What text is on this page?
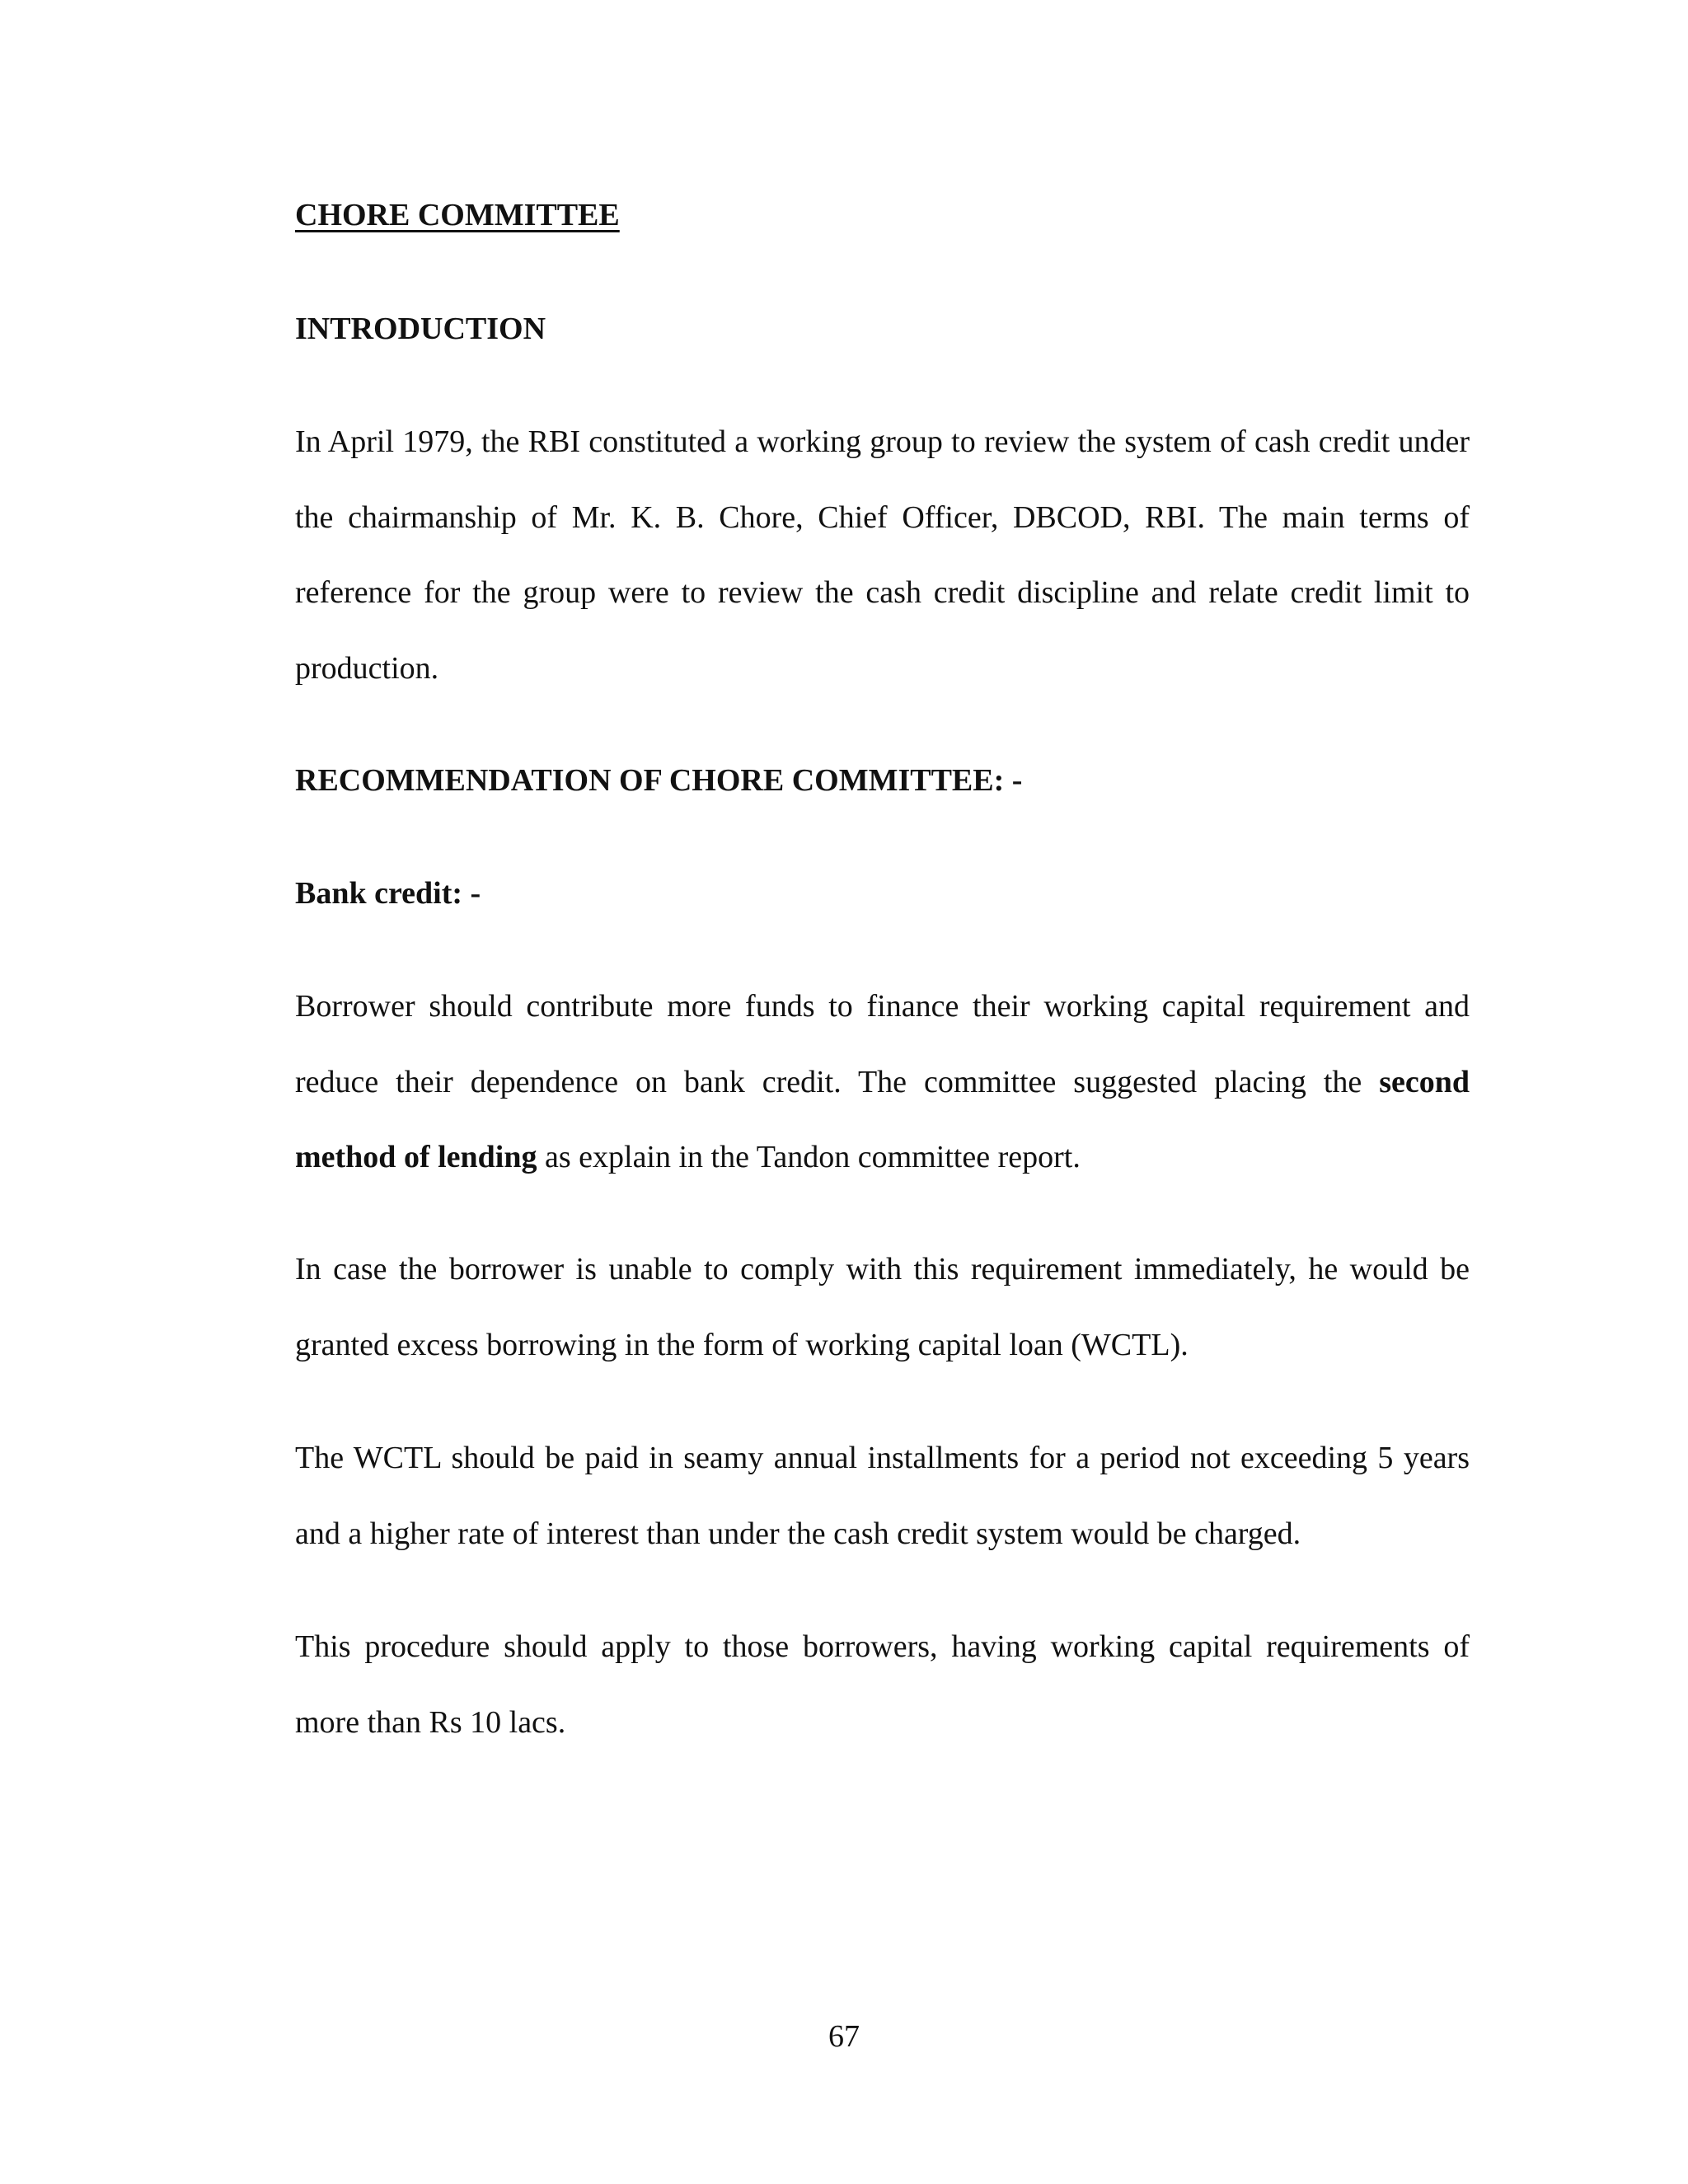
CHORE COMMITTEE
INTRODUCTION

In April 1979, the RBI constituted a working group to review the system of cash credit under the chairmanship of Mr. K. B. Chore, Chief Officer, DBCOD, RBI. The main terms of reference for the group were to review the cash credit discipline and relate credit limit to production.

RECOMMENDATION OF CHORE COMMITTEE: -
Bank credit: -

Borrower should contribute more funds to finance their working capital requirement and reduce their dependence on bank credit. The committee suggested placing the second method of lending as explain in the Tandon committee report.

In case the borrower is unable to comply with this requirement immediately, he would be granted excess borrowing in the form of working capital loan (WCTL).

The WCTL should be paid in seamy annual installments for a period not exceeding 5 years and a higher rate of interest than under the cash credit system would be charged.

This procedure should apply to those borrowers, having working capital requirements of more than Rs 10 lacs.

67
